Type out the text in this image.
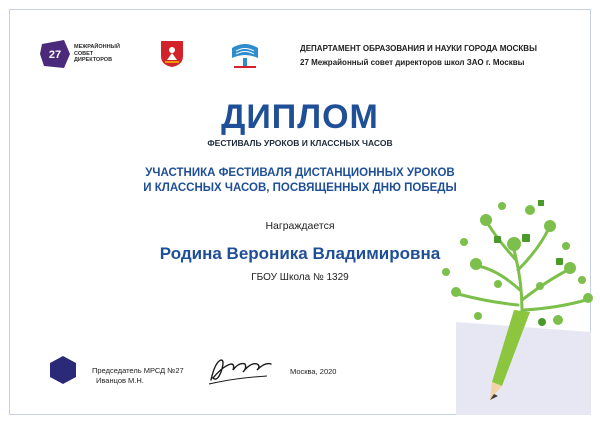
27
МЕЖРАЙОННЫЙ СОВЕТ ДИРЕКТОРОВ
ДЕПАРТАМЕНТ ОБРАЗОВАНИЯ И НАУКИ ГОРОДА МОСКВЫ
27 Межрайонный совет директоров школ ЗАО г. Москвы
ДИПЛОМ
ФЕСТИВАЛЬ УРОКОВ И КЛАССНЫХ ЧАСОВ
УЧАСТНИКА ФЕСТИВАЛЯ ДИСТАНЦИОННЫХ УРОКОВ
И КЛАССНЫХ ЧАСОВ, ПОСВЯЩЕННЫХ ДНЮ ПОБЕДЫ
Награждается
Родина Вероника Владимировна
ГБОУ Школа № 1329
Председатель МРСД №27
Иванцов М.Н.
Москва, 2020
